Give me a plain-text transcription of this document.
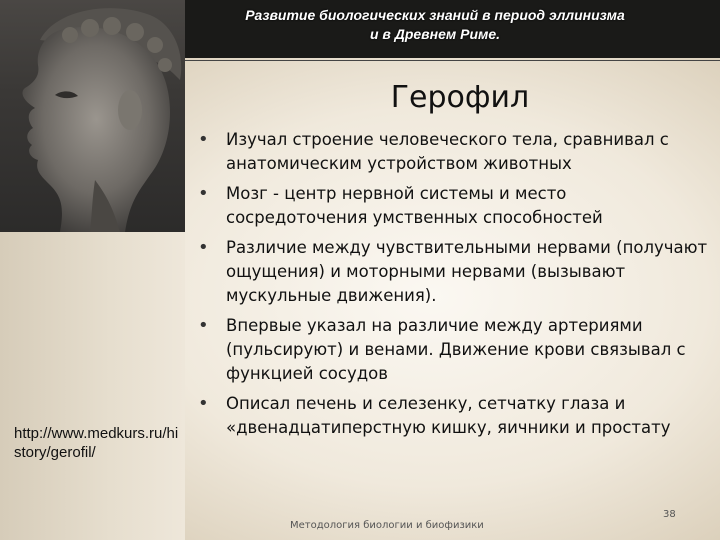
Развитие биологических знаний в период эллинизма
и в Древнем Риме.
Герофил
• Изучал строение человеческого тела, сравнивал с анатомическим устройством животных
• Мозг - центр нервной системы и место сосредоточения умственных способностей
• Различие между чувствительными нервами (получают ощущения) и моторными нервами (вызывают мускульные движения).
• Впервые указал на различие между артериями (пульсируют) и венами. Движение крови связывал с функцией сосудов
• Описал печень и селезенку, сетчатку глаза и «двенадцатиперстную кишку, яичники и простату
http://www.medkurs.ru/history/gerofil/
Методология биологии и биофизики
38
